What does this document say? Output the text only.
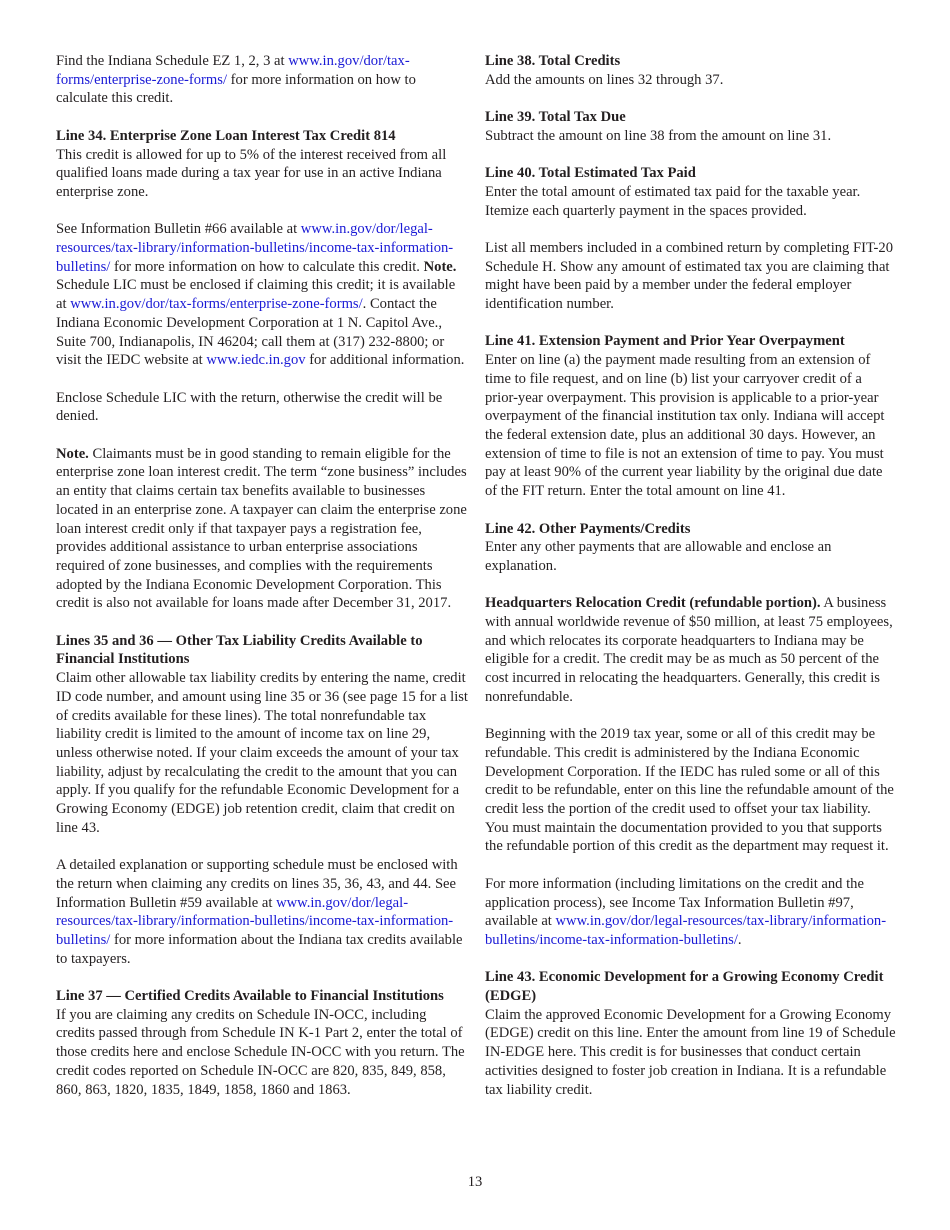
Find the Indiana Schedule EZ 1, 2, 3 at www.in.gov/dor/tax-forms/enterprise-zone-forms/ for more information on how to calculate this credit.

Line 34. Enterprise Zone Loan Interest Tax Credit 814
This credit is allowed for up to 5% of the interest received from all qualified loans made during a tax year for use in an active Indiana enterprise zone.

See Information Bulletin #66 available at www.in.gov/dor/legal-resources/tax-library/information-bulletins/income-tax-information-bulletins/ for more information on how to calculate this credit. Note. Schedule LIC must be enclosed if claiming this credit; it is available at www.in.gov/dor/tax-forms/enterprise-zone-forms/. Contact the Indiana Economic Development Corporation at 1 N. Capitol Ave., Suite 700, Indianapolis, IN 46204; call them at (317) 232-8800; or visit the IEDC website at www.iedc.in.gov for additional information.

Enclose Schedule LIC with the return, otherwise the credit will be denied.

Note. Claimants must be in good standing to remain eligible for the enterprise zone loan interest credit. The term “zone business” includes an entity that claims certain tax benefits available to businesses located in an enterprise zone. A taxpayer can claim the enterprise zone loan interest credit only if that taxpayer pays a registration fee, provides additional assistance to urban enterprise associations required of zone businesses, and complies with the requirements adopted by the Indiana Economic Development Corporation. This credit is also not available for loans made after December 31, 2017.

Lines 35 and 36 — Other Tax Liability Credits Available to Financial Institutions
Claim other allowable tax liability credits by entering the name, credit ID code number, and amount using line 35 or 36 (see page 15 for a list of credits available for these lines). The total nonrefundable tax liability credit is limited to the amount of income tax on line 29, unless otherwise noted. If your claim exceeds the amount of your tax liability, adjust by recalculating the credit to the amount that you can apply. If you qualify for the refundable Economic Development for a Growing Economy (EDGE) job retention credit, claim that credit on line 43.

A detailed explanation or supporting schedule must be enclosed with the return when claiming any credits on lines 35, 36, 43, and 44. See Information Bulletin #59 available at www.in.gov/dor/legal-resources/tax-library/information-bulletins/income-tax-information-bulletins/ for more information about the Indiana tax credits available to taxpayers.

Line 37 — Certified Credits Available to Financial Institutions
If you are claiming any credits on Schedule IN-OCC, including credits passed through from Schedule IN K-1 Part 2, enter the total of those credits here and enclose Schedule IN-OCC with you return. The credit codes reported on Schedule IN-OCC are 820, 835, 849, 858, 860, 863, 1820, 1835, 1849, 1858, 1860 and 1863.

Line 38. Total Credits
Add the amounts on lines 32 through 37.

Line 39. Total Tax Due
Subtract the amount on line 38 from the amount on line 31.

Line 40. Total Estimated Tax Paid
Enter the total amount of estimated tax paid for the taxable year. Itemize each quarterly payment in the spaces provided.

List all members included in a combined return by completing FIT-20 Schedule H. Show any amount of estimated tax you are claiming that might have been paid by a member under the federal employer identification number.

Line 41. Extension Payment and Prior Year Overpayment
Enter on line (a) the payment made resulting from an extension of time to file request, and on line (b) list your carryover credit of a prior-year overpayment. This provision is applicable to a prior-year overpayment of the financial institution tax only. Indiana will accept the federal extension date, plus an additional 30 days. However, an extension of time to file is not an extension of time to pay. You must pay at least 90% of the current year liability by the original due date of the FIT return. Enter the total amount on line 41.

Line 42. Other Payments/Credits
Enter any other payments that are allowable and enclose an explanation.

Headquarters Relocation Credit (refundable portion). A business with annual worldwide revenue of $50 million, at least 75 employees, and which relocates its corporate headquarters to Indiana may be eligible for a credit. The credit may be as much as 50 percent of the cost incurred in relocating the headquarters. Generally, this credit is nonrefundable.

Beginning with the 2019 tax year, some or all of this credit may be refundable. This credit is administered by the Indiana Economic Development Corporation. If the IEDC has ruled some or all of this credit to be refundable, enter on this line the refundable amount of the credit less the portion of the credit used to offset your tax liability. You must maintain the documentation provided to you that supports the refundable portion of this credit as the department may request it.

For more information (including limitations on the credit and the application process), see Income Tax Information Bulletin #97, available at www.in.gov/dor/legal-resources/tax-library/information-bulletins/income-tax-information-bulletins/.

Line 43. Economic Development for a Growing Economy Credit (EDGE)
Claim the approved Economic Development for a Growing Economy (EDGE) credit on this line. Enter the amount from line 19 of Schedule IN-EDGE here. This credit is for businesses that conduct certain activities designed to foster job creation in Indiana. It is a refundable tax liability credit.

13
